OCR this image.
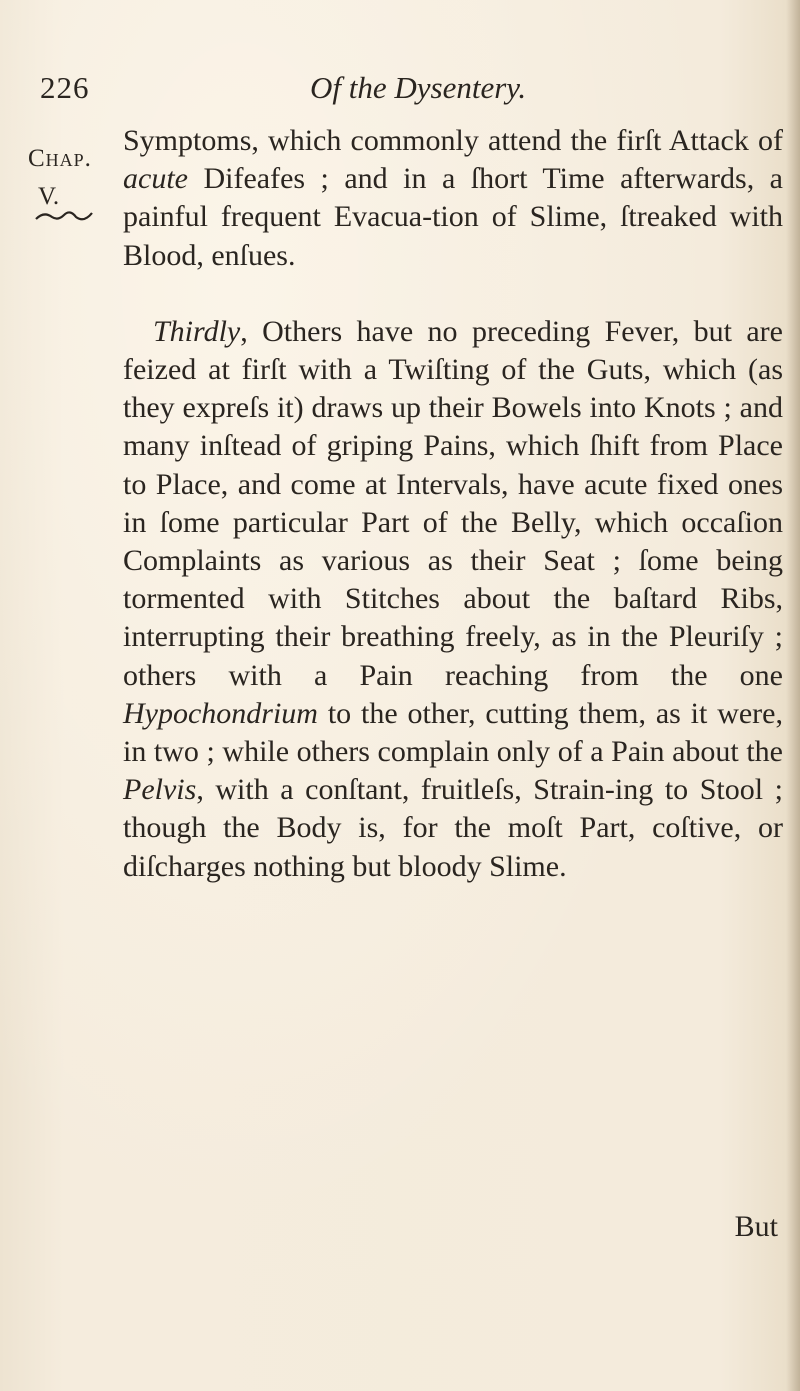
226	Of the Dysentery.
Chap.
V.

Symptoms, which commonly attend the firſt Attack of acute Difeafes ; and in a ſhort Time afterwards, a painful frequent Evacua-tion of Slime, ſtreaked with Blood, enſues.

Thirdly, Others have no preceding Fever, but are feized at firſt with a Twiſting of the Guts, which (as they expreſs it) draws up their Bowels into Knots ; and many inſtead of griping Pains, which ſhift from Place to Place, and come at Intervals, have acute fixed ones in ſome particular Part of the Belly, which occaſion Complaints as various as their Seat ; ſome being tormented with Stitches about the baſtard Ribs, interrupting their breathing freely, as in the Pleuriſy ; others with a Pain reaching from the one Hypochondrium to the other, cutting them, as it were, in two ; while others complain only of a Pain about the Pelvis, with a conſtant, fruitleſs, Strain-ing to Stool ; though the Body is, for the moſt Part, coſtive, or diſcharges nothing but bloody Slime.

But
